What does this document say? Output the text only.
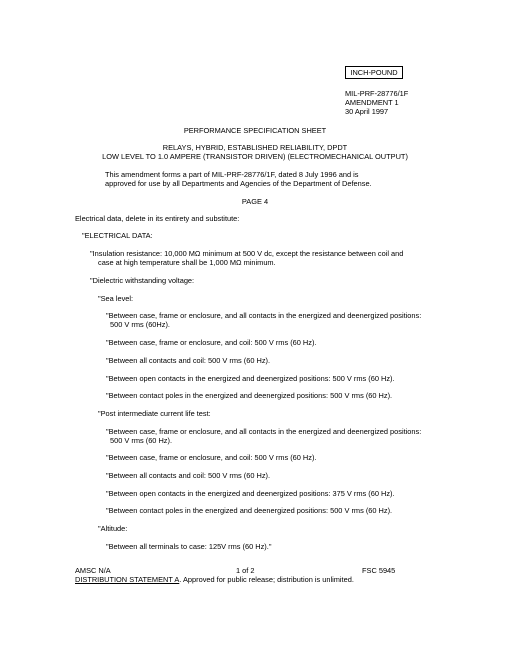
INCH-POUND
MIL-PRF-28776/1F
AMENDMENT 1
30 April 1997
PERFORMANCE SPECIFICATION SHEET
RELAYS, HYBRID, ESTABLISHED RELIABILITY, DPDT
LOW LEVEL TO 1.0 AMPERE (TRANSISTOR DRIVEN) (ELECTROMECHANICAL OUTPUT)
This amendment forms a part of MIL-PRF-28776/1F, dated 8 July 1996 and is
approved for use by all Departments and Agencies of the Department of Defense.
PAGE 4
Electrical data, delete in its entirety and substitute:
"ELECTRICAL DATA:
"Insulation resistance: 10,000 MΩ minimum at 500 V dc, except the resistance between coil and
case at high temperature shall be 1,000 MΩ minimum.
"Dielectric withstanding voltage:
"Sea level:
"Between case, frame or enclosure, and all contacts in the energized and deenergized positions:
500 V rms (60Hz).
"Between case, frame or enclosure, and coil: 500 V rms (60 Hz).
"Between all contacts and coil: 500 V rms (60 Hz).
"Between open contacts in the energized and deenergized positions: 500 V rms (60 Hz).
"Between contact poles in the energized and deenergized positions: 500 V rms (60 Hz).
"Post intermediate current life test:
"Between case, frame or enclosure, and all contacts in the energized and deenergized positions:
500 V rms (60 Hz).
"Between case, frame or enclosure, and coil: 500 V rms (60 Hz).
"Between all contacts and coil: 500 V rms (60 Hz).
"Between open contacts in the energized and deenergized positions: 375 V rms (60 Hz).
"Between contact poles in the energized and deenergized positions: 500 V rms (60 Hz).
"Altitude:
"Between all terminals to case: 125V rms (60 Hz)."
AMSC N/A	1 of 2	FSC 5945
DISTRIBUTION STATEMENT A. Approved for public release; distribution is unlimited.
